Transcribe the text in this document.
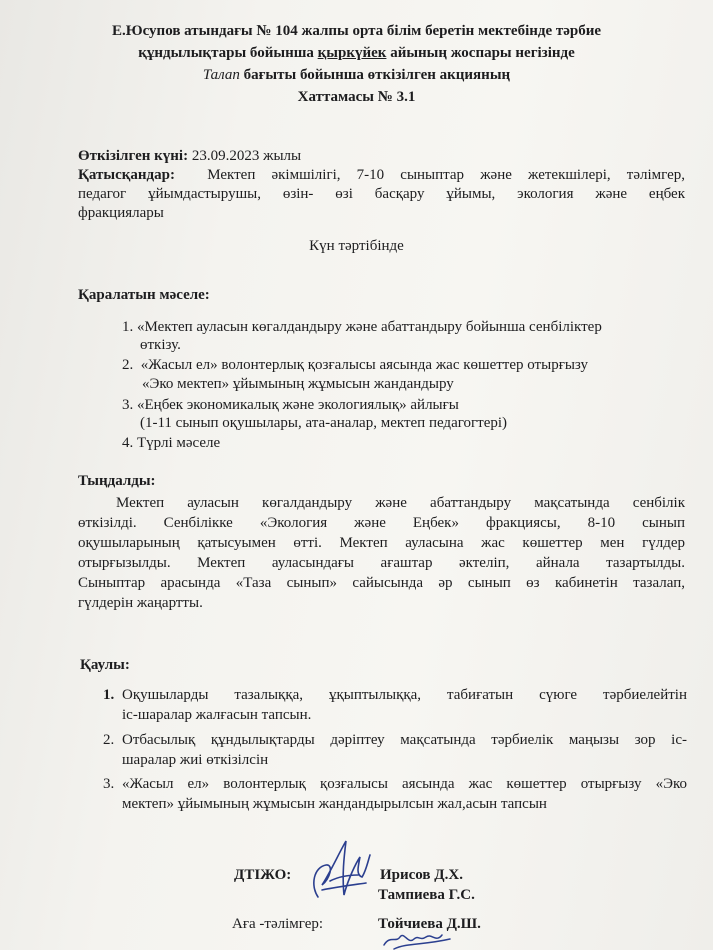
Е.Юсупов атындағы № 104 жалпы орта білім беретін мектебінде тәрбие
құндылықтары бойынша қыркүйек айының жоспары негізінде
Талап бағыты бойынша өткізілген акцияның
Хаттамасы № 3.1
Өткізілген күні: 23.09.2023 жылы
Қатысқандар: Мектеп әкімшілігі, 7-10 сыныптар және жетекшілері, тәлімгер,
педагог ұйымдастырушы, өзін- өзі басқару ұйымы, экология және еңбек
фракциялары
Күн тәртібінде
Қаралатын мәселе:
1. «Мектеп ауласын көгалдандыру және абаттандыру бойынша сенбіліктер
өткізу.
2.  «Жасыл ел» волонтерлық қозғалысы аясында жас көшеттер отырғызу
«Эко мектеп» ұйымының жұмысын жандандыру
3. «Еңбек экономикалық және экологиялық» айлығы
(1-11 сынып оқушылары, ата-аналар, мектеп педагогтері)
4. Түрлі мәселе
Тыңдалды:
Мектеп ауласын көгалдандыру және абаттандыру мақсатында сенбілік
өткізілді. Сенбілікке «Экология және Еңбек» фракциясы, 8-10 сынып
оқушыларының қатысуымен өтті. Мектеп ауласына жас көшеттер мен гүлдер
отырғызылды. Мектеп ауласындағы ағаштар әктеліп, айнала тазартылды.
Сыныптар арасында «Таза сынып» сайысында әр сынып өз кабинетін тазалап,
гүлдерін жаңартты.
Қаулы:
1. Оқушыларды тазалыққа, ұқыптылыққа, табиғатын сүюге тәрбиелейтін
іс-шаралар жалғасын тапсын.
2. Отбасылық құндылықтарды дәріптеу мақсатында тәрбиелік маңызы зор іс-
шаралар жиі өткізілсін
3. «Жасыл ел» волонтерлық қозғалысы аясында жас көшеттер отырғызу «Эко
мектеп» ұйымының жұмысын жандандырылсын жал,асын тапсын
ДТІЖО:	Ирисов Д.Х.
Тампиева Г.С.
Аға -тәлімгер:	Тойчиева Д.Ш.
